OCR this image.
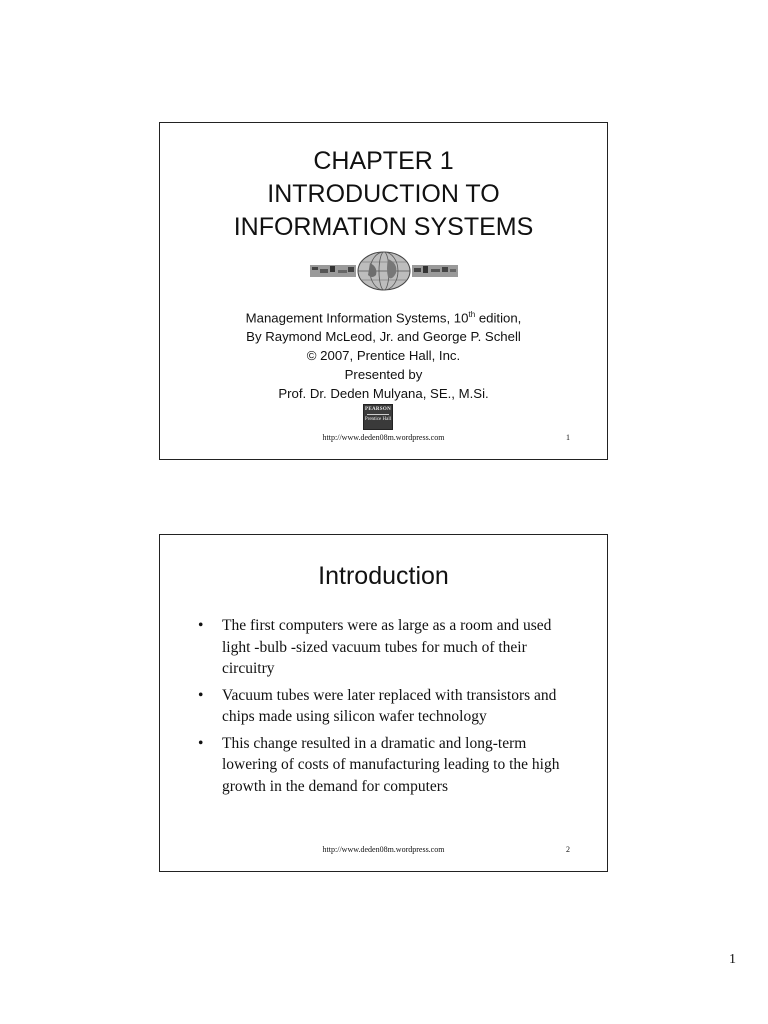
CHAPTER 1
INTRODUCTION TO
INFORMATION SYSTEMS
Management Information Systems, 10th edition,
By Raymond McLeod, Jr. and George P. Schell
© 2007, Prentice Hall, Inc.
Presented by
Prof. Dr. Deden Mulyana, SE., M.Si.
PEARSON
Prentice Hall
http://www.deden08m.wordpress.com	1
Introduction
• The first computers were as large as a room and used light -bulb -sized vacuum tubes for much of their circuitry
• Vacuum tubes were later replaced with transistors and chips made using silicon wafer technology
• This change resulted in a dramatic and long-term lowering of costs of manufacturing leading to the high growth in the demand for computers
http://www.deden08m.wordpress.com	2
1
